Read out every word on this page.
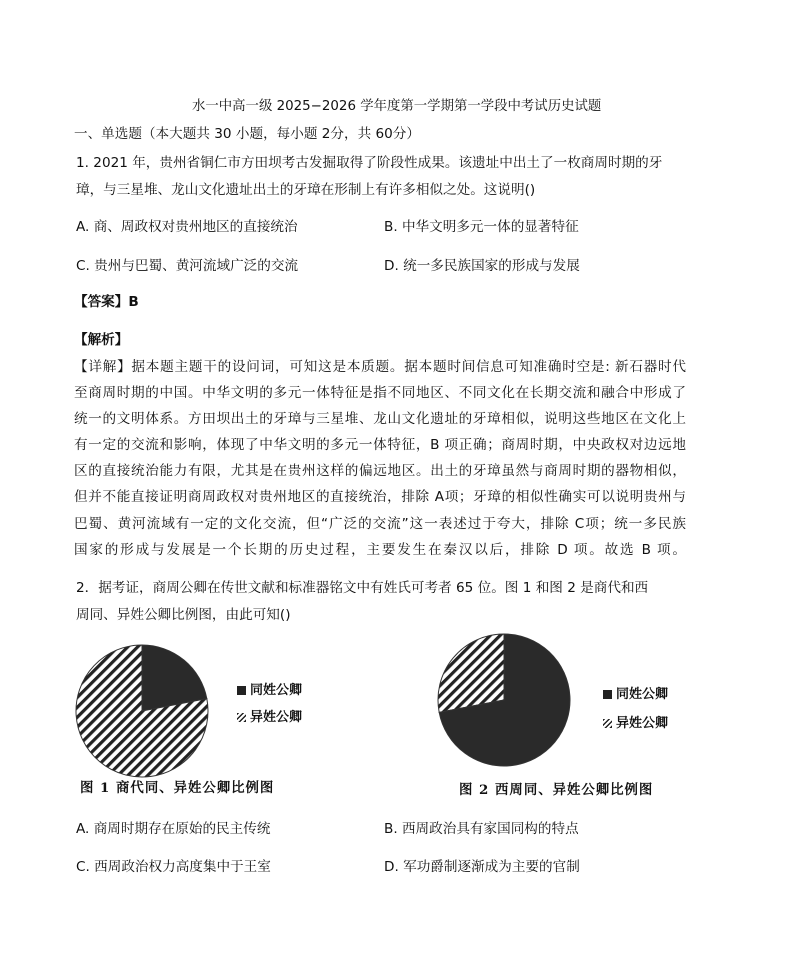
水一中高一级 2025−2026 学年度第一学期第一学段中考试历史试题
一、单选题（本大题共 30 小题，每小题 2分，共 60分）
1. 2021 年，贵州省铜仁市方田坝考古发掘取得了阶段性成果。该遗址中出土了一枚商周时期的牙
璋，与三星堆、龙山文化遗址出土的牙璋在形制上有许多相似之处。这说明()
A. 商、周政权对贵州地区的直接统治	B. 中华文明多元一体的显著特征
C. 贵州与巴蜀、黄河流域广泛的交流	D. 统一多民族国家的形成与发展
【答案】B
【解析】
【详解】据本题主题干的设问词，可知这是本质题。据本题时间信息可知准确时空是: 新石器时代
至商周时期的中国。中华文明的多元一体特征是指不同地区、不同文化在长期交流和融合中形成了
统一的文明体系。方田坝出土的牙璋与三星堆、龙山文化遗址的牙璋相似，说明这些地区在文化上
有一定的交流和影响，体现了中华文明的多元一体特征，B 项正确；商周时期，中央政权对边远地
区的直接统治能力有限，尤其是在贵州这样的偏远地区。出土的牙璋虽然与商周时期的器物相似，
但并不能直接证明商周政权对贵州地区的直接统治，排除 A项；牙璋的相似性确实可以说明贵州与
巴蜀、黄河流域有一定的文化交流，但“广泛的交流”这一表述过于夸大，排除 C项；统一多民族
国家的形成与发展是一个长期的历史过程，主要发生在秦汉以后，排除 D 项。故选 B 项。
2．据考证，商周公卿在传世文献和标准器铭文中有姓氏可考者 65 位。图 1 和图 2 是商代和西
周同、异姓公卿比例图，由此可知()
同姓公卿
异姓公卿
图 1 商代同、异姓公卿比例图
同姓公卿
异姓公卿
图 2 西周同、异姓公卿比例图
A. 商周时期存在原始的民主传统	B. 西周政治具有家国同构的特点
C. 西周政治权力高度集中于王室	D. 军功爵制逐渐成为主要的官制
